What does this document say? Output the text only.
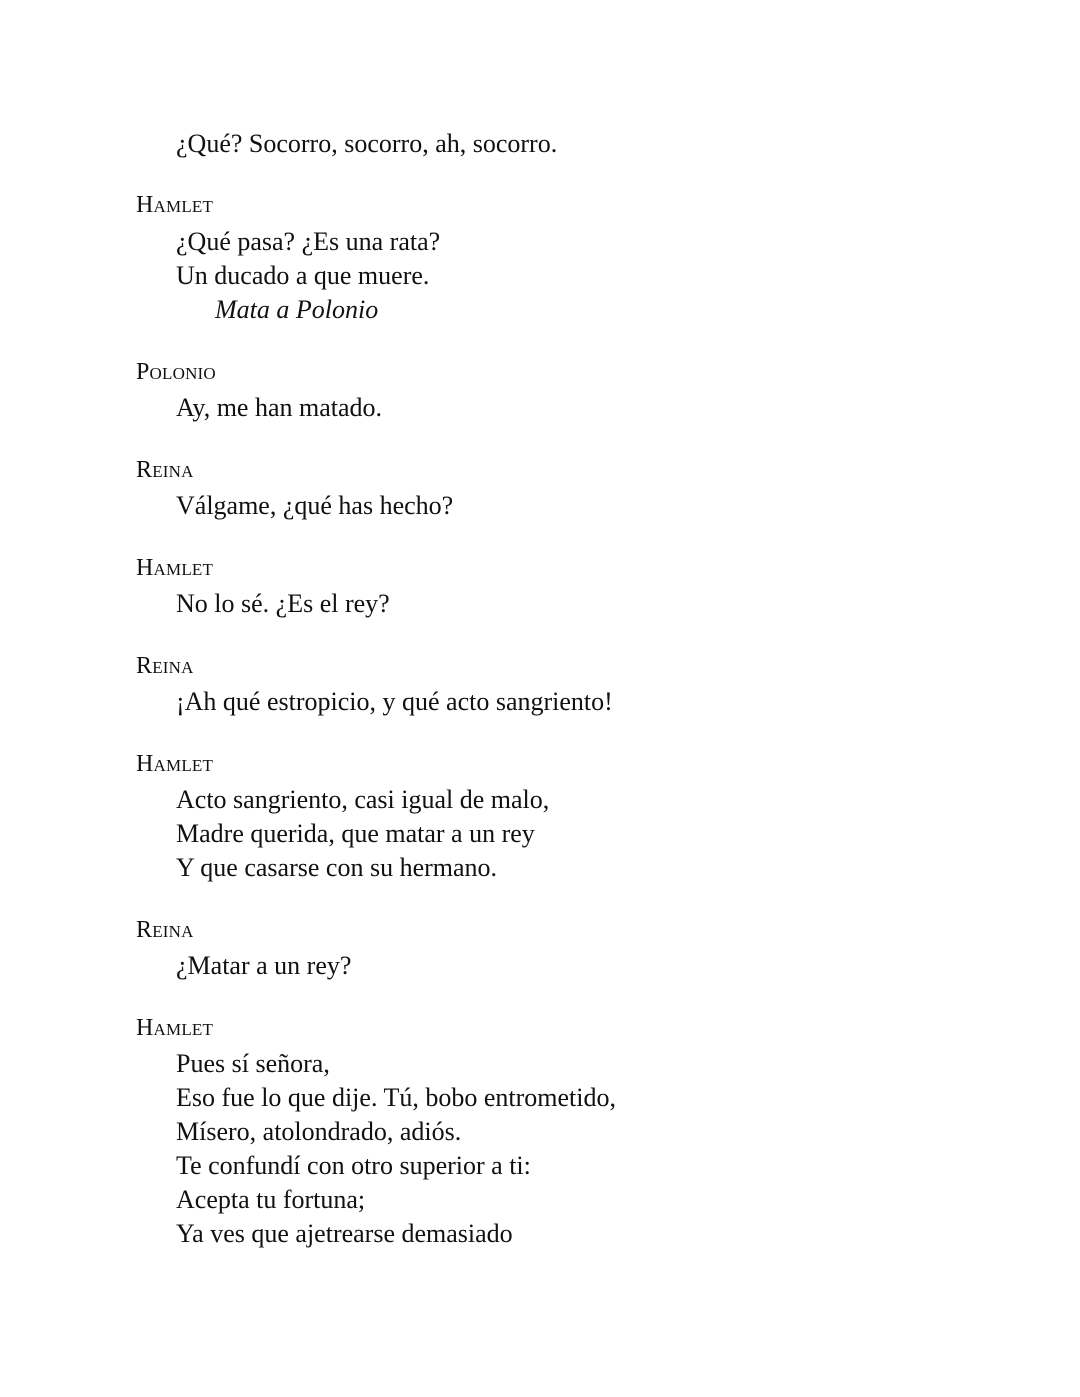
¿Qué? Socorro, socorro, ah, socorro.
Hamlet
¿Qué pasa? ¿Es una rata?
Un ducado a que muere.
Mata a Polonio
Polonio
Ay, me han matado.
Reina
Válgame, ¿qué has hecho?
Hamlet
No lo sé. ¿Es el rey?
Reina
¡Ah qué estropicio, y qué acto sangriento!
Hamlet
Acto sangriento, casi igual de malo,
Madre querida, que matar a un rey
Y que casarse con su hermano.
Reina
¿Matar a un rey?
Hamlet
Pues sí señora,
Eso fue lo que dije. Tú, bobo entrometido,
Mísero, atolondrado, adiós.
Te confundí con otro superior a ti:
Acepta tu fortuna;
Ya ves que ajetrearse demasiado
